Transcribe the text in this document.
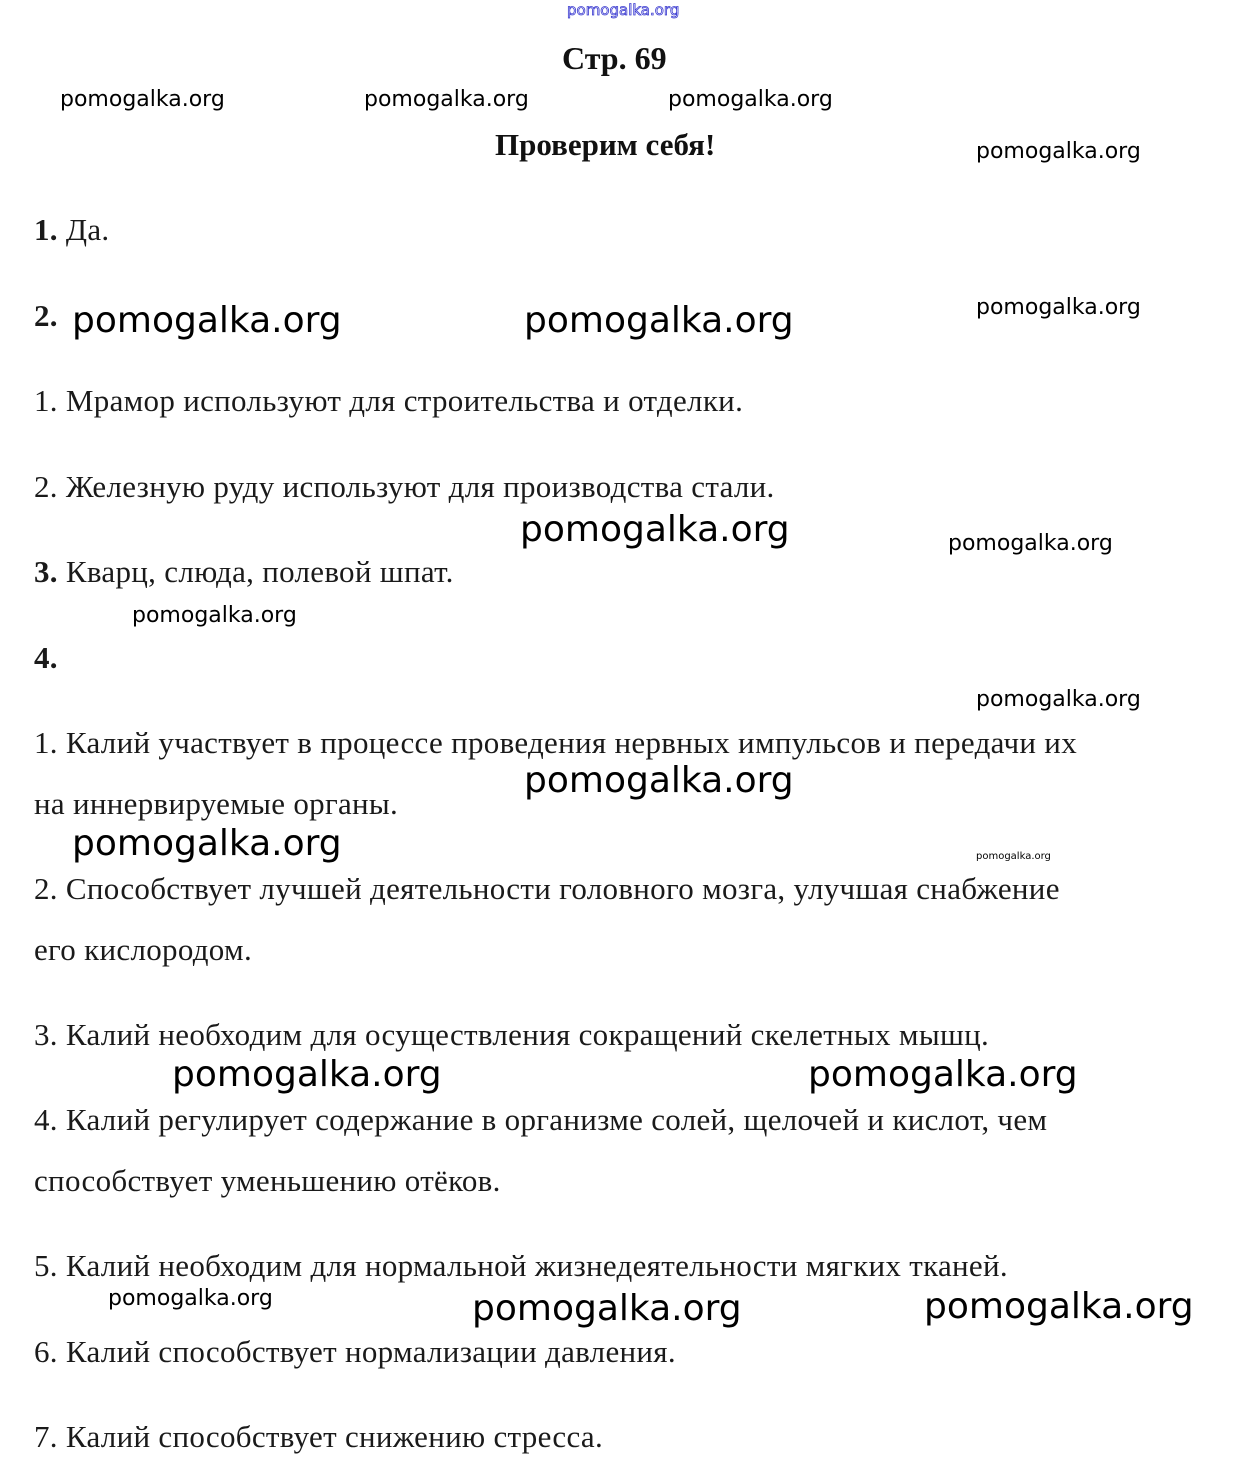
pomogalka.org
Стр. 69
Проверим себя!
1. Да.
2.
1. Мрамор используют для строительства и отделки.
2. Железную руду используют для производства стали.
3. Кварц, слюда, полевой шпат.
4.
1. Калий участвует в процессе проведения нервных импульсов и передачи их
на иннервируемые органы.
2. Способствует лучшей деятельности головного мозга, улучшая снабжение
его кислородом.
3. Калий необходим для осуществления сокращений скелетных мышц.
4. Калий регулирует содержание в организме солей, щелочей и кислот, чем
способствует уменьшению отёков.
5. Калий необходим для нормальной жизнедеятельности мягких тканей.
6. Калий способствует нормализации давления.
7. Калий способствует снижению стресса.
pomogalka.org	pomogalka.org	pomogalka.org
pomogalka.org
pomogalka.org	pomogalka.org	pomogalka.org
pomogalka.org	pomogalka.org
pomogalka.org
pomogalka.org
pomogalka.org
pomogalka.org	pomogalka.org
pomogalka.org	pomogalka.org
pomogalka.org	pomogalka.org	pomogalka.org
